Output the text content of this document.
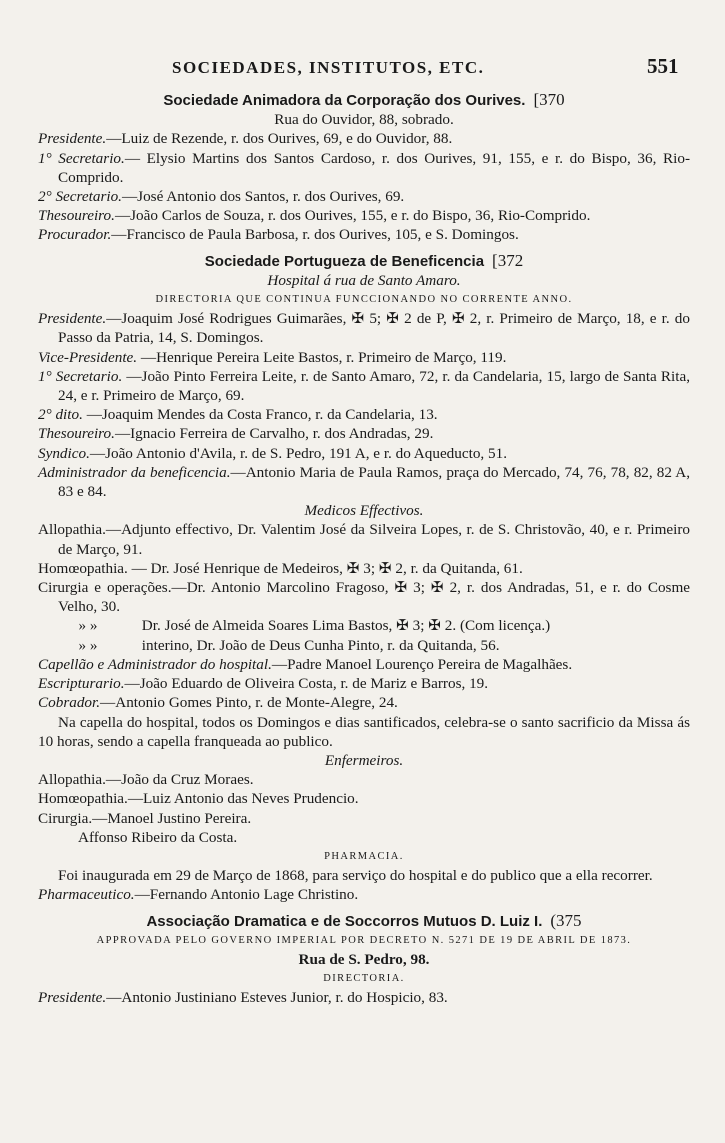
SOCIEDADES, INSTITUTOS, ETC.	551

Sociedade Animadora da Corporação dos Ourives. [370

Rua do Ouvidor, 88, sobrado.

Presidente.—Luiz de Rezende, r. dos Ourives, 69, e do Ouvidor, 88.

1° Secretario.— Elysio Martins dos Santos Cardoso, r. dos Ourives, 91, 155, e r. do Bispo, 36, Rio-Comprido.

2° Secretario.—José Antonio dos Santos, r. dos Ourives, 69.

Thesoureiro.—João Carlos de Souza, r. dos Ourives, 155, e r. do Bispo, 36, Rio-Comprido.

Procurador.—Francisco de Paula Barbosa, r. dos Ourives, 105, e S. Domingos.

Sociedade Portugueza de Beneficencia [372

Hospital á rua de Santo Amaro.

DIRECTORIA QUE CONTINUA FUNCCIONANDO NO CORRENTE ANNO.

Presidente.—Joaquim José Rodrigues Guimarães, ✠ 5; ✠ 2 de P, ✠ 2, r. Primeiro de Março, 18, e r. do Passo da Patria, 14, S. Domingos.

Vice-Presidente. —Henrique Pereira Leite Bastos, r. Primeiro de Março, 119.

1° Secretario. —João Pinto Ferreira Leite, r. de Santo Amaro, 72, r. da Candelaria, 15, largo de Santa Rita, 24, e r. Primeiro de Março, 69.

2° dito. —Joaquim Mendes da Costa Franco, r. da Candelaria, 13.

Thesoureiro.—Ignacio Ferreira de Carvalho, r. dos Andradas, 29.

Syndico.—João Antonio d'Avila, r. de S. Pedro, 191 A, e r. do Aqueducto, 51.

Administrador da beneficencia.—Antonio Maria de Paula Ramos, praça do Mercado, 74, 76, 78, 82, 82 A, 83 e 84.

Medicos Effectivos.

Allopathia.—Adjunto effectivo, Dr. Valentim José da Silveira Lopes, r. de S. Christovão, 40, e r. Primeiro de Março, 91.

Homœopathia. — Dr. José Henrique de Medeiros, ✠ 3; ✠ 2, r. da Quitanda, 61.

Cirurgia e operações.—Dr. Antonio Marcolino Fragoso, ✠ 3; ✠ 2, r. dos Andradas, 51, e r. do Cosme Velho, 30.

» »	Dr. José de Almeida Soares Lima Bastos, ✠ 3; ✠ 2. (Com licença.)

» »	interino, Dr. João de Deus Cunha Pinto, r. da Quitanda, 56.

Capellão e Administrador do hospital.—Padre Manoel Lourenço Pereira de Magalhães.

Escripturario.—João Eduardo de Oliveira Costa, r. de Mariz e Barros, 19.

Cobrador.—Antonio Gomes Pinto, r. de Monte-Alegre, 24.

Na capella do hospital, todos os Domingos e dias santificados, celebra-se o santo sacrificio da Missa ás 10 horas, sendo a capella franqueada ao publico.

Enfermeiros.

Allopathia.—João da Cruz Moraes.

Homœopathia.—Luiz Antonio das Neves Prudencio.

Cirurgia.—Manoel Justino Pereira.

Affonso Ribeiro da Costa.

PHARMACIA.

Foi inaugurada em 29 de Março de 1868, para serviço do hospital e do publico que a ella recorrer.

Pharmaceutico.—Fernando Antonio Lage Christino.

Associação Dramatica e de Soccorros Mutuos D. Luiz I. (375

APPROVADA PELO GOVERNO IMPERIAL POR DECRETO N. 5271 DE 19 DE ABRIL DE 1873.

Rua de S. Pedro, 98.

DIRECTORIA.

Presidente.—Antonio Justiniano Esteves Junior, r. do Hospicio, 83.
